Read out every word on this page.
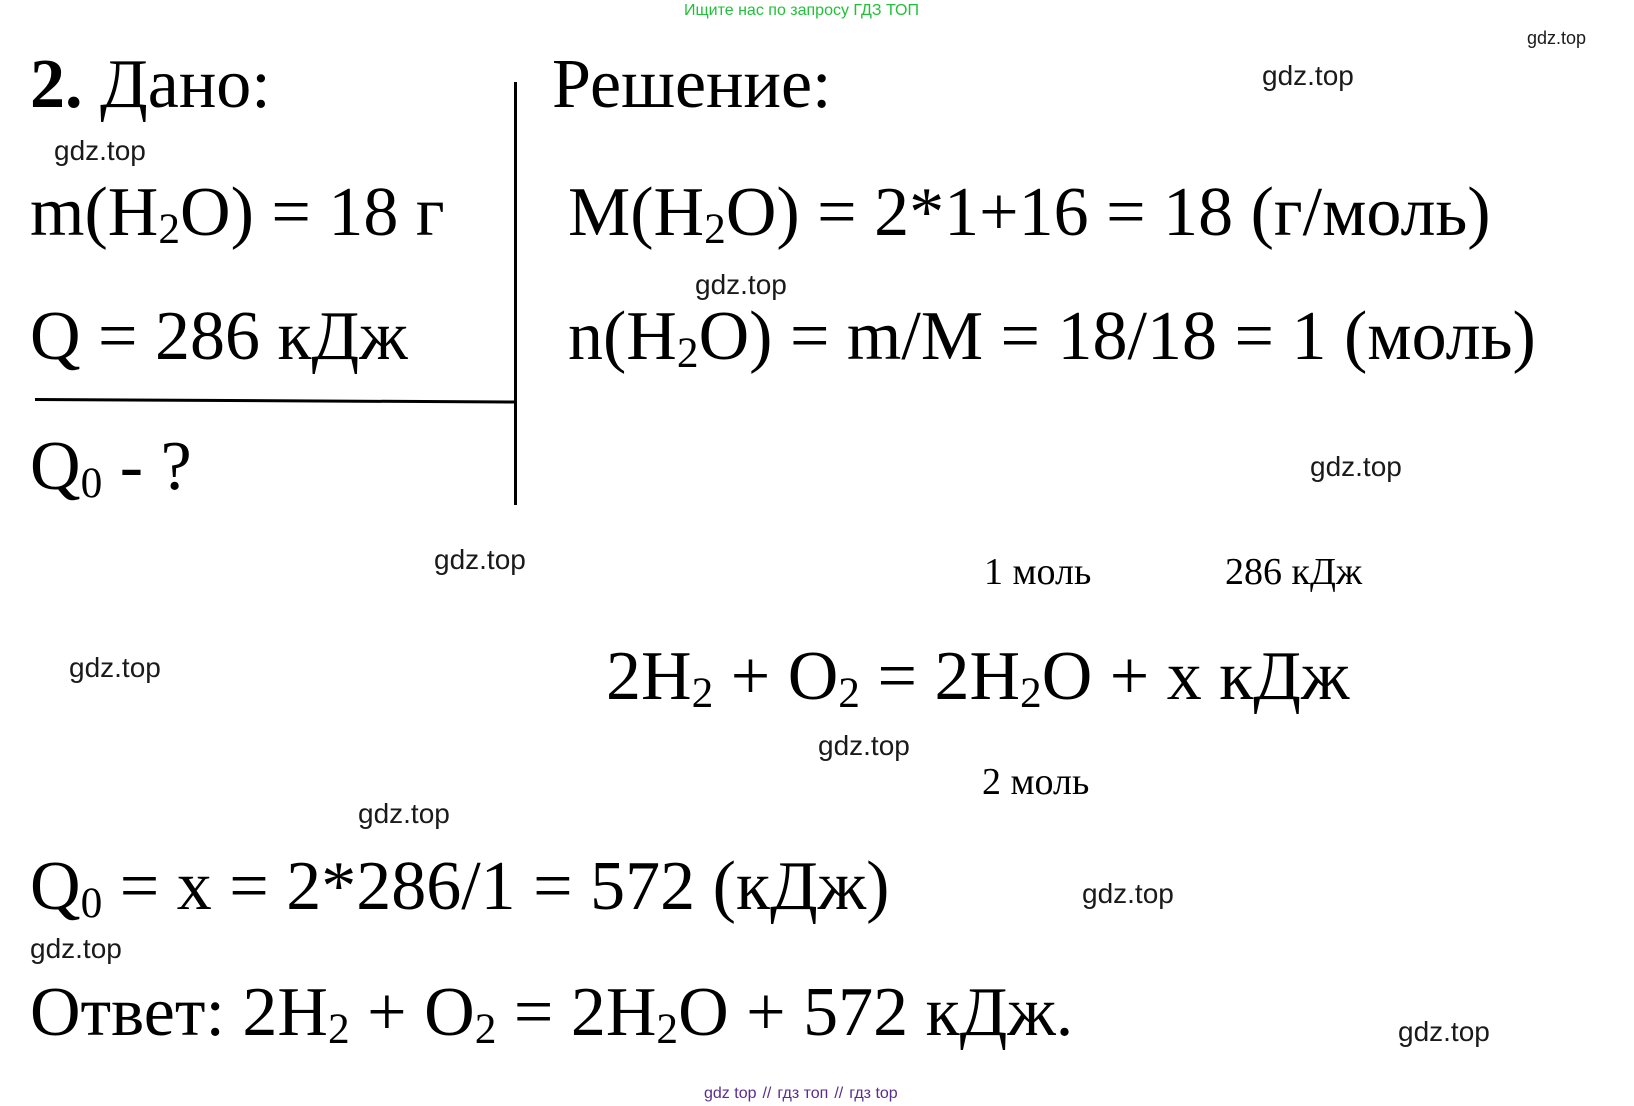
Ищите нас по запросу ГДЗ ТОП
gdz.top
gdz.top
gdz.top
gdz.top
gdz.top
gdz.top
gdz.top
gdz.top
gdz.top
gdz.top
gdz.top
gdz.top
2. Дано:	Решение:
$m(H_2O) = 18$ г
Q = 286 кДж
$Q_0$ - ?
$M(H_2O) = 2*1+16 = 18$ (г/моль)
$n(H_2O) = m/M = 18/18 = 1$ (моль)
1 моль	286 кДж
$2H_2 + O_2 = 2H_2O + x$ кДж
2 моль
$Q_0 = x = 2*286/1 = 572$ (кДж)
Ответ: $2H_2 + O_2 = 2H_2O + 572$ кДж.
gdz top // гдз топ // гдз top
